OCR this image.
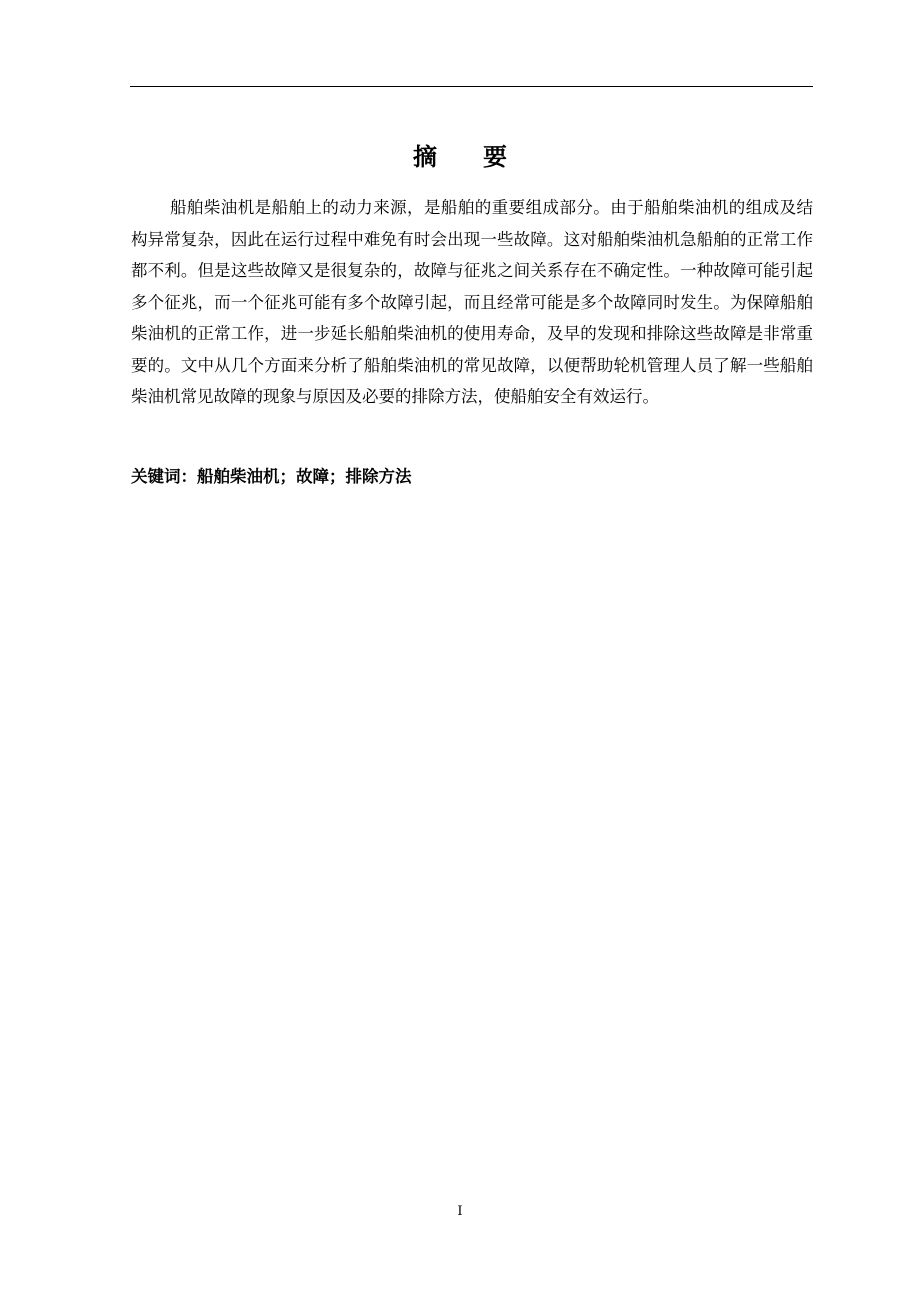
摘要

船舶柴油机是船舶上的动力来源，是船舶的重要组成部分。由于船舶柴油机的组成及结构异常复杂，因此在运行过程中难免有时会出现一些故障。这对船舶柴油机急船舶的正常工作都不利。但是这些故障又是很复杂的，故障与征兆之间关系存在不确定性。一种故障可能引起多个征兆，而一个征兆可能有多个故障引起，而且经常可能是多个故障同时发生。为保障船舶柴油机的正常工作，进一步延长船舶柴油机的使用寿命，及早的发现和排除这些故障是非常重要的。文中从几个方面来分析了船舶柴油机的常见故障，以便帮助轮机管理人员了解一些船舶柴油机常见故障的现象与原因及必要的排除方法，使船舶安全有效运行。

关键词：船舶柴油机；故障；排除方法
I
